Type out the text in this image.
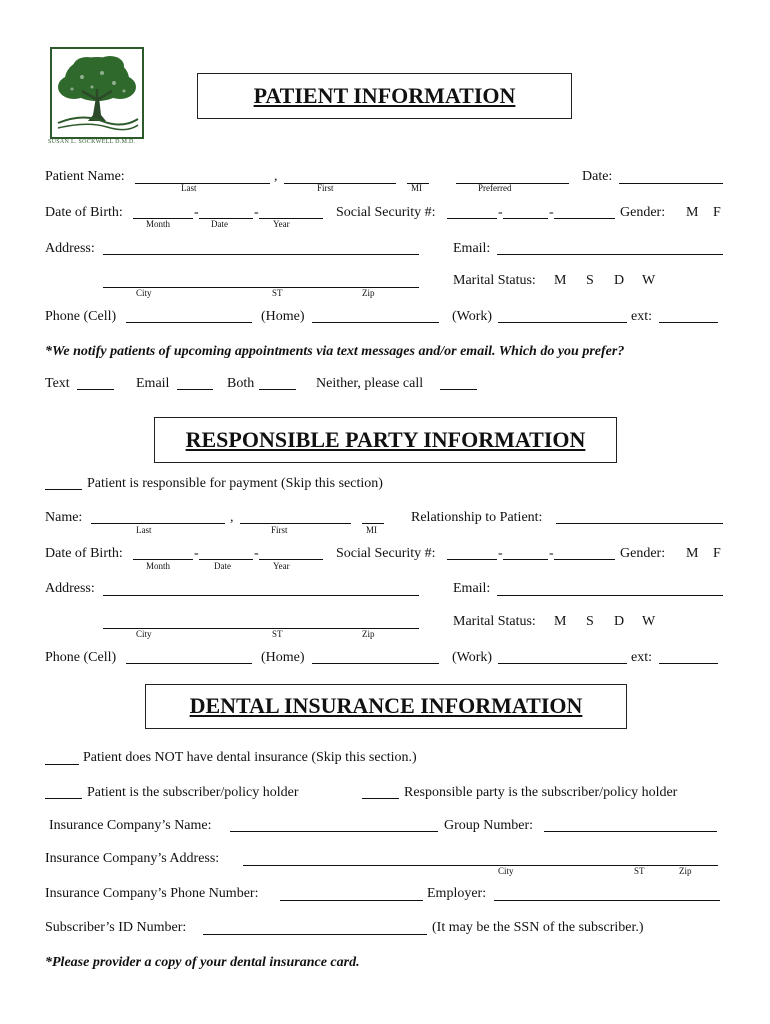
SUSAN L. SOCKWELL D.M.D.
PATIENT INFORMATION
Patient Name:	,	Date:
Last	First	MI	Preferred
Date of Birth:	-	-
Month	Date	Year
Social Security #:	-	-	Gender: M F
Address:	Email:
City	ST	Zip
Marital Status: M S D W
Phone (Cell)	(Home)	(Work)	ext:
*We notify patients of upcoming appointments via text messages and/or email. Which do you prefer?
Text	Email	Both	Neither, please call
RESPONSIBLE PARTY INFORMATION
Patient is responsible for payment (Skip this section)
Name:	,
Last	First	MI
Relationship to Patient:
Date of Birth:	-	-
Month	Date	Year
Social Security #:	-	-	Gender: M F
Address:	Email:
City	ST	Zip
Marital Status: M S D W
Phone (Cell)	(Home)	(Work)	ext:
DENTAL INSURANCE INFORMATION
Patient does NOT have dental insurance (Skip this section.)
Patient is the subscriber/policy holder	Responsible party is the subscriber/policy holder
Insurance Company’s Name:	Group Number:
Insurance Company’s Address:
City	ST	Zip
Insurance Company’s Phone Number:	Employer:
Subscriber’s ID Number:	(It may be the SSN of the subscriber.)
*Please provider a copy of your dental insurance card.
